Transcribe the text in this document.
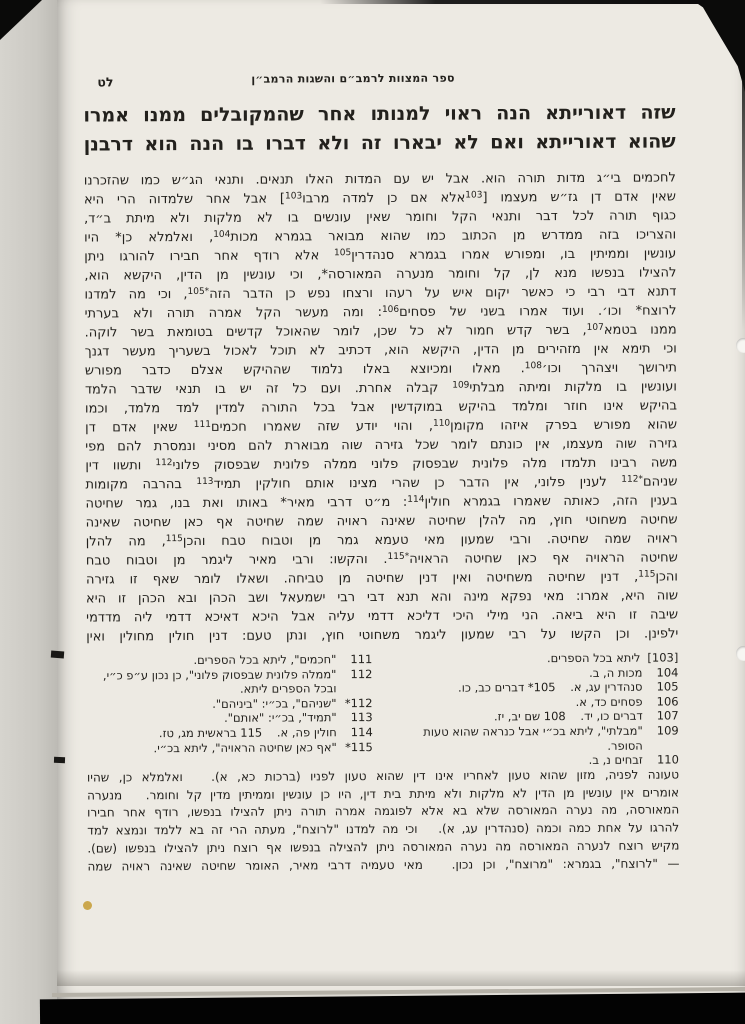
לט	ספר המצוות לרמב״ם והשגות הרמב״ן
שזה דאורייתא הנה ראוי למנותו אחר שהמקובלים ממנו אמרו
שהוא דאורייתא ואם לא יבארו זה ולא דברו בו הנה הוא דרבנן
לחכמים בי״ג מדות תורה הוא. אבל יש עם המדות האלו תנאים. ותנאי הג״ש כמו שהזכרנו
שאין אדם דן גז״ש מעצמו [$^{103}$אלא אם כן למדה מרבו$^{103}$] אבל אחר שלמדוה הרי היא
כגוף תורה לכל דבר ותנאי הקל וחומר שאין עונשים בו לא מלקות ולא מיתת ב״ד,
והצריכו בזה ממדרש מן הכתוב כמו שהוא מבואר בגמרא מכות$^{104}$, ואלמלא כן* היו
עונשין וממיתין בו, ומפורש אמרו בגמרא סנהדרין$^{105}$ אלא רודף אחר חבירו להורגו ניתן
להצילו בנפשו מנא לן, קל וחומר מנערה המאורסה*, וכי עונשין מן הדין, היקשא הוא,
דתנא דבי רבי כי כאשר יקום איש על רעהו ורצחו נפש כן הדבר הזה$^{*105}$, וכי מה למדנו
לרוצח* וכו׳. ועוד אמרו בשני של פסחים$^{106}$: ומה מעשר הקל אמרה תורה ולא בערתי
ממנו בטמא$^{107}$, בשר קדש חמור לא כל שכן, לומר שהאוכל קדשים בטומאת בשר לוקה.
וכי תימא אין מזהירים מן הדין, היקשא הוא, דכתיב לא תוכל לאכול בשעריך מעשר דגנך
תירושך ויצהרך וכו׳$^{108}$. מאלו ומכיוצא באלו נלמוד שההיקש אצלם כדבר מפורש
ועונשין בו מלקות ומיתה מבלתי$^{109}$ קבלה אחרת. ועם כל זה יש בו תנאי שדבר הלמד
בהיקש אינו חוזר ומלמד בהיקש במוקדשין אבל בכל התורה למדין למד מלמד, וכמו
שהוא מפורש בפרק איזהו מקומן$^{110}$, והוי יודע שזה שאמרו חכמים$^{111}$ שאין אדם דן
גזירה שוה מעצמו, אין כונתם לומר שכל גזירה שוה מבוארת להם מסיני ונמסרת להם מפי
משה רבינו תלמדו מלה פלונית שבפסוק פלוני ממלה פלונית שבפסוק פלוני$^{112}$ ותשוו דין
שניהם$^{*112}$ לענין פלוני, אין הדבר כן שהרי מצינו אותם חולקין תמיד$^{113}$ בהרבה מקומות
בענין הזה, כאותה שאמרו בגמרא חולין$^{114}$: מ״ט דרבי מאיר* באותו ואת בנו, גמר שחיטה
שחיטה משחוטי חוץ, מה להלן שחיטה שאינה ראויה שמה שחיטה אף כאן שחיטה שאינה
ראויה שמה שחיטה. ורבי שמעון מאי טעמא גמר מן וטבוח טבח והכן$^{115}$, מה להלן
שחיטה הראויה אף כאן שחיטה הראויה$^{*115}$. והקשו: ורבי מאיר ליגמר מן וטבוח טבח
והכן$^{115}$, דנין שחיטה משחיטה ואין דנין שחיטה מן טביחה. ושאלו לומר שאף זו גזירה
שוה היא, אמרו: מאי נפקא מינה והא תנא דבי רבי ישמעאל ושב הכהן ובא הכהן זו היא
שיבה זו היא ביאה. הני מילי היכי דליכא דדמי עליה אבל היכא דאיכא דדמי ליה מדדמי
ילפינן. וכן הקשו על רבי שמעון ליגמר משחוטי חוץ, ונתן טעם: דנין חולין מחולין ואין
[103]
ליתא בכל הספרים.
104
מכות ה, ב.
105
סנהדרין עג, א.    105* דברים כב, כו.
106
פסחים כד, א.
107
דברים כו, יד.    108 שם יב, יז.
109
"מבלתי", ליתא בכ״י אבל כנראה שהוא טעות הסופר.
110
זבחים נ, ב.
111
"חכמים", ליתא בכל הספרים.
112
"ממלה פלונית שבפסוק פלוני", כן נכון ע״פ כ״י, ובכל הספרים ליתא.
112*
"שניהם", בכ״י: "ביניהם".
113
"תמיד", בכ״י: "אותם".
114
חולין פה, א.    115 בראשית מג, טז.
115*
"אף כאן שחיטה הראויה", ליתא בכ״י.
טעונה לפניה, מזון שהוא טעון לאחריו אינו דין שהוא טעון לפניו (ברכות כא, א).   ואלמלא כן, שהיו
אומרים אין עונשין מן הדין לא מלקות ולא מיתת בית דין, היו כן עונשין וממיתין מדין קל וחומר.   מנערה
המאורסה, מה נערה המאורסה שלא בא אלא לפוגמה אמרה תורה ניתן להצילו בנפשו, רודף אחר חבירו
להרגו על אחת כמה וכמה (סנהדרין עג, א).   וכי מה למדנו "לרוצח", מעתה הרי זה בא ללמד ונמצא למד
מקיש רוצח לנערה המאורסה מה נערה המאורסה ניתן להצילה בנפשו אף רוצח ניתן להצילו בנפשו (שם).
— "לרוצח", בגמרא: "מרוצח", וכן נכון.   מאי טעמיה דרבי מאיר, האומר שחיטה שאינה ראויה שמה
